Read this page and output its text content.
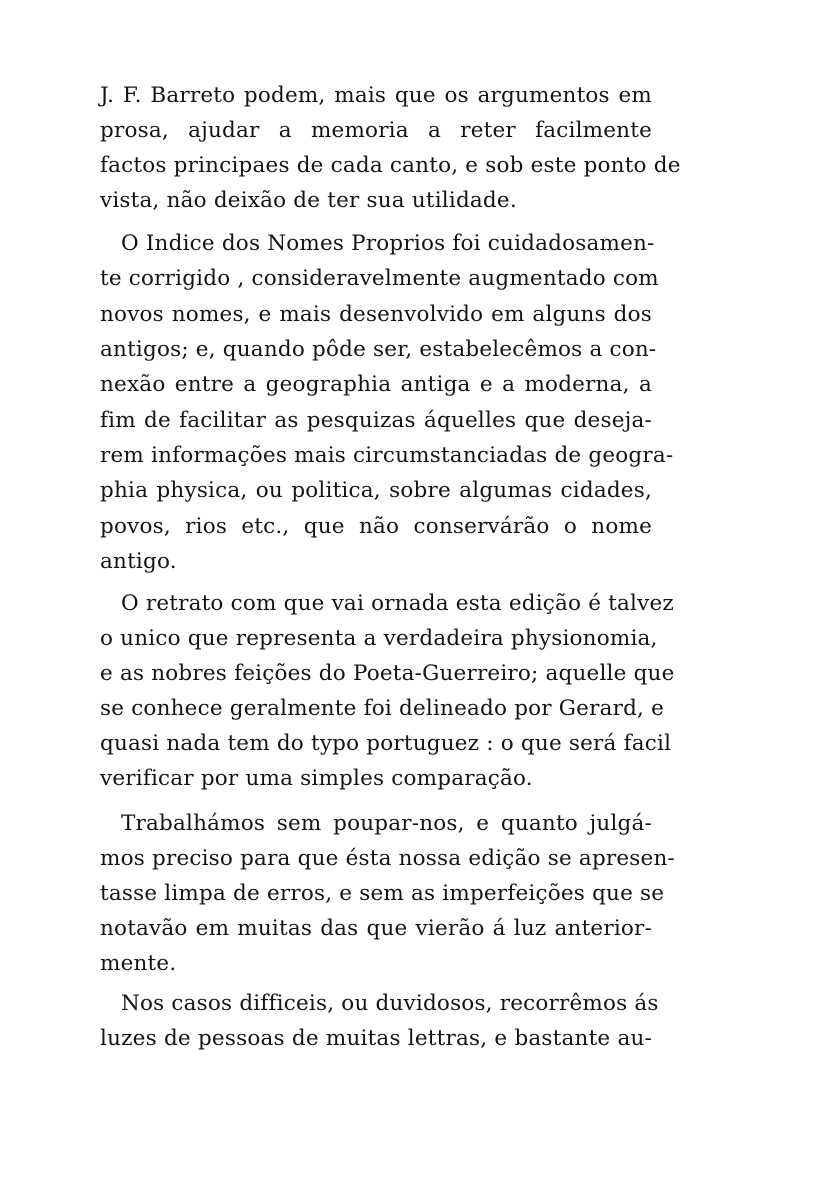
J. F. Barreto podem, mais que os argumentos em
prosa, ajudar a memoria a reter facilmente
factos principaes de cada canto, e sob este ponto de
vista, não deixão de ter sua utilidade.
O Indice dos Nomes Proprios foi cuidadosamen-
te corrigido , consideravelmente augmentado com
novos nomes, e mais desenvolvido em alguns dos
antigos; e, quando pôde ser, estabelecêmos a con-
nexão entre a geographia antiga e a moderna, a
fim de facilitar as pesquizas áquelles que deseja-
rem informações mais circumstanciadas de geogra-
phia physica, ou politica, sobre algumas cidades,
povos, rios etc., que não conservárão o nome
antigo.
O retrato com que vai ornada esta edição é talvez
o unico que representa a verdadeira physionomia,
e as nobres feições do Poeta-Guerreiro; aquelle que
se conhece geralmente foi delineado por Gerard, e
quasi nada tem do typo portuguez : o que será facil
verificar por uma simples comparação.
Trabalhámos sem poupar-nos, e quanto julgá-
mos preciso para que ésta nossa edição se apresen-
tasse limpa de erros, e sem as imperfeições que se
notavão em muitas das que vierão á luz anterior-
mente.
Nos casos difficeis, ou duvidosos, recorrêmos ás
luzes de pessoas de muitas lettras, e bastante au-
